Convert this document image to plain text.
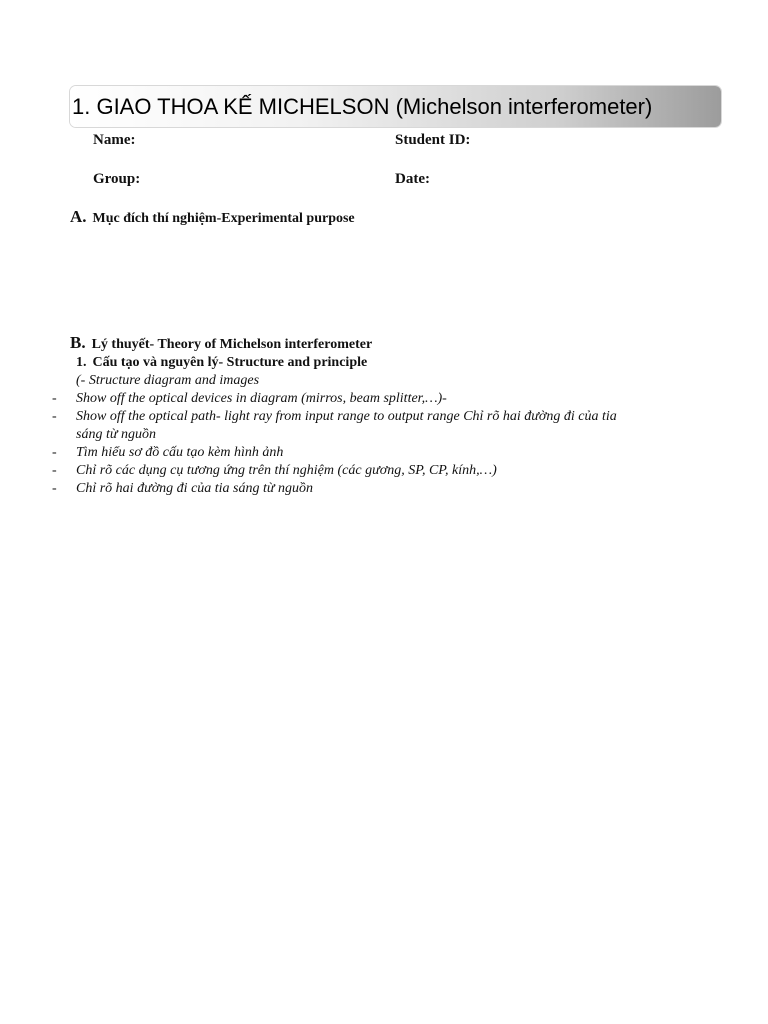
1. GIAO THOA KẾ MICHELSON (Michelson interferometer)
Name:	Student ID:
Group:	Date:
A. Mục đích thí nghiệm-Experimental purpose
B. Lý thuyết- Theory of Michelson interferometer
1. Cấu tạo và nguyên lý- Structure and principle
(- Structure diagram and images
- Show off the optical devices in diagram (mirros, beam splitter,…)-
- Show off the optical path- light ray from input range to output range Chỉ rõ hai đường đi của tia
sáng từ nguồn
- Tìm hiểu sơ đồ cấu tạo kèm hình ảnh
- Chỉ rõ các dụng cụ tương ứng trên thí nghiệm (các gương, SP, CP, kính,…)
- Chỉ rõ hai đường đi của tia sáng từ nguồn
